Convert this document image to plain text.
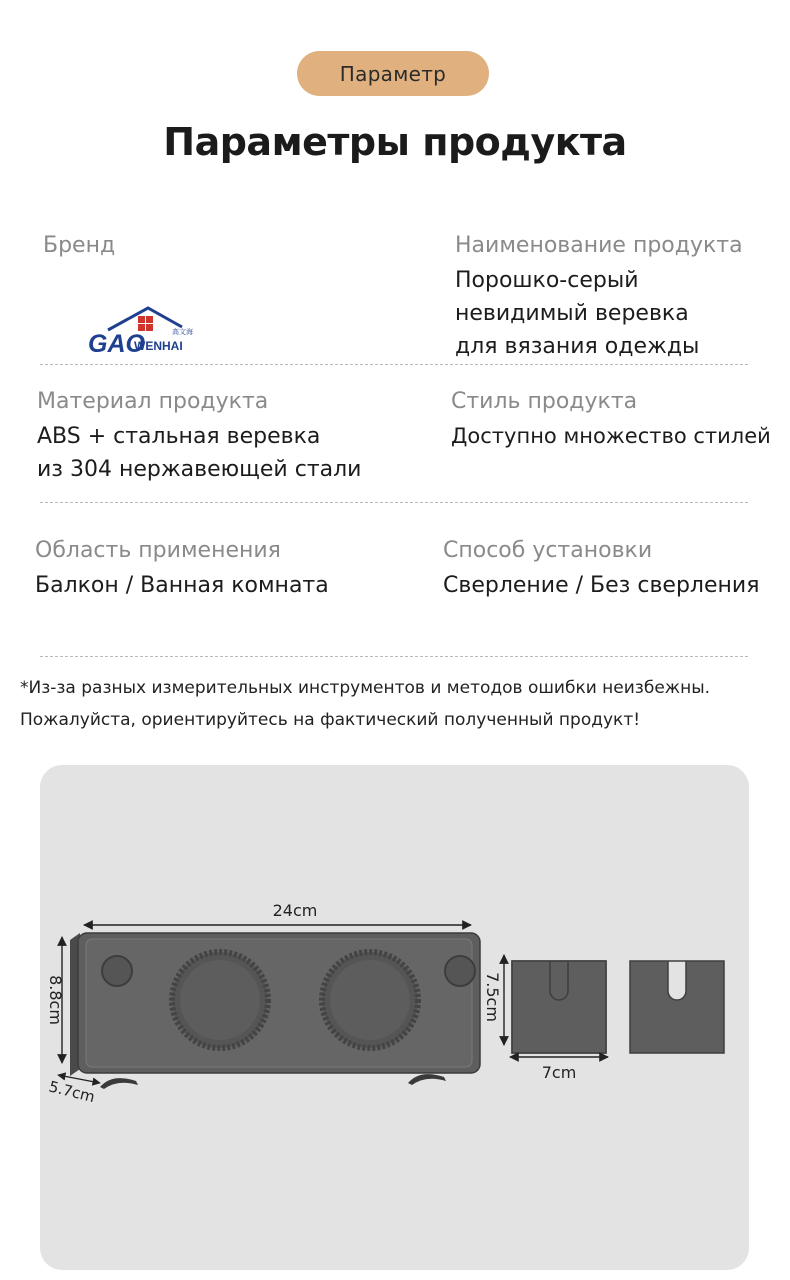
Параметр
Параметры продукта
Бренд
GAO
WENHAI
高文海
Наименование продукта
Порошко-серый
невидимый веревка
для вязания одежды
Материал продукта
ABS + стальная веревка
из 304 нержавеющей стали
Стиль продукта
Доступно множество стилей
Область применения
Балкон / Ванная комната
Способ установки
Сверление / Без сверления
*Из-за разных измерительных инструментов и методов ошибки неизбежны.
Пожалуйста, ориентируйтесь на фактический полученный продукт!
24cm
8.8cm
5.7cm
7.5cm
7cm
